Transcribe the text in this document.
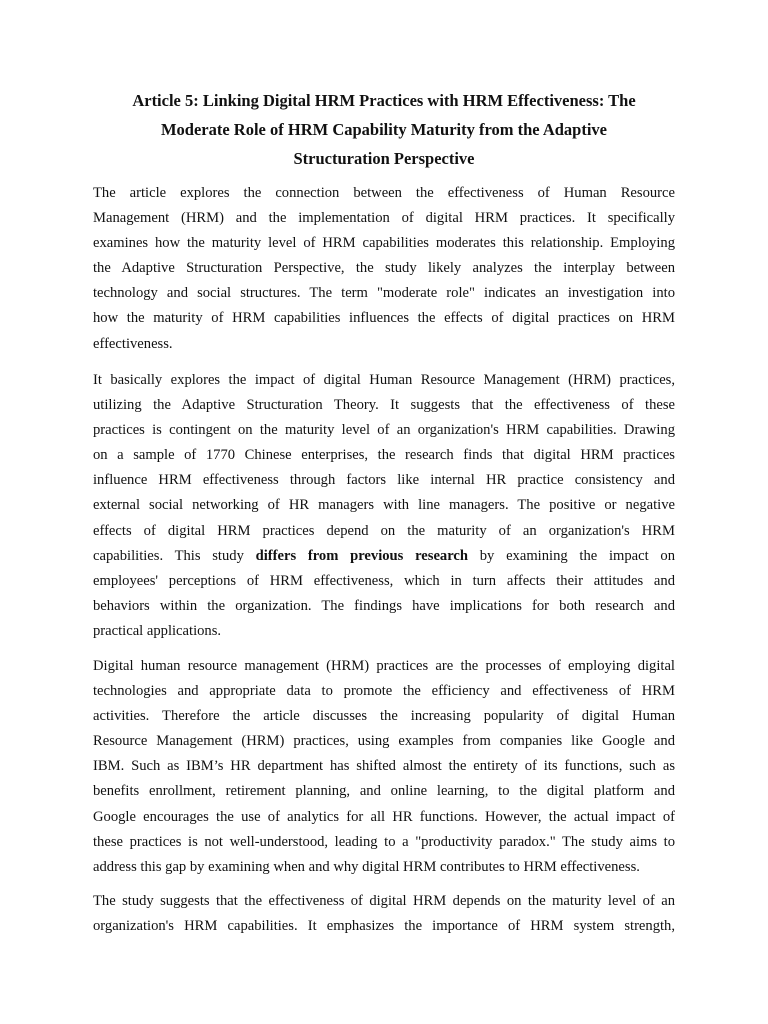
Article 5: Linking Digital HRM Practices with HRM Effectiveness: The
Moderate Role of HRM Capability Maturity from the Adaptive
Structuration Perspective

The article explores the connection between the effectiveness of Human Resource
Management (HRM) and the implementation of digital HRM practices. It specifically
examines how the maturity level of HRM capabilities moderates this relationship. Employing
the Adaptive Structuration Perspective, the study likely analyzes the interplay between
technology and social structures. The term "moderate role" indicates an investigation into
how the maturity of HRM capabilities influences the effects of digital practices on HRM
effectiveness.

It basically explores the impact of digital Human Resource Management (HRM) practices,
utilizing the Adaptive Structuration Theory. It suggests that the effectiveness of these
practices is contingent on the maturity level of an organization's HRM capabilities. Drawing
on a sample of 1770 Chinese enterprises, the research finds that digital HRM practices
influence HRM effectiveness through factors like internal HR practice consistency and
external social networking of HR managers with line managers. The positive or negative
effects of digital HRM practices depend on the maturity of an organization's HRM
capabilities. This study differs from previous research by examining the impact on
employees' perceptions of HRM effectiveness, which in turn affects their attitudes and
behaviors within the organization. The findings have implications for both research and
practical applications.

Digital human resource management (HRM) practices are the processes of employing digital
technologies and appropriate data to promote the efficiency and effectiveness of HRM
activities. Therefore the article discusses the increasing popularity of digital Human
Resource Management (HRM) practices, using examples from companies like Google and
IBM. Such as IBM’s HR department has shifted almost the entirety of its functions, such as
benefits enrollment, retirement planning, and online learning, to the digital platform and
Google encourages the use of analytics for all HR functions. However, the actual impact of
these practices is not well-understood, leading to a "productivity paradox." The study aims to
address this gap by examining when and why digital HRM contributes to HRM effectiveness.

The study suggests that the effectiveness of digital HRM depends on the maturity level of an
organization's HRM capabilities. It emphasizes the importance of HRM system strength,
